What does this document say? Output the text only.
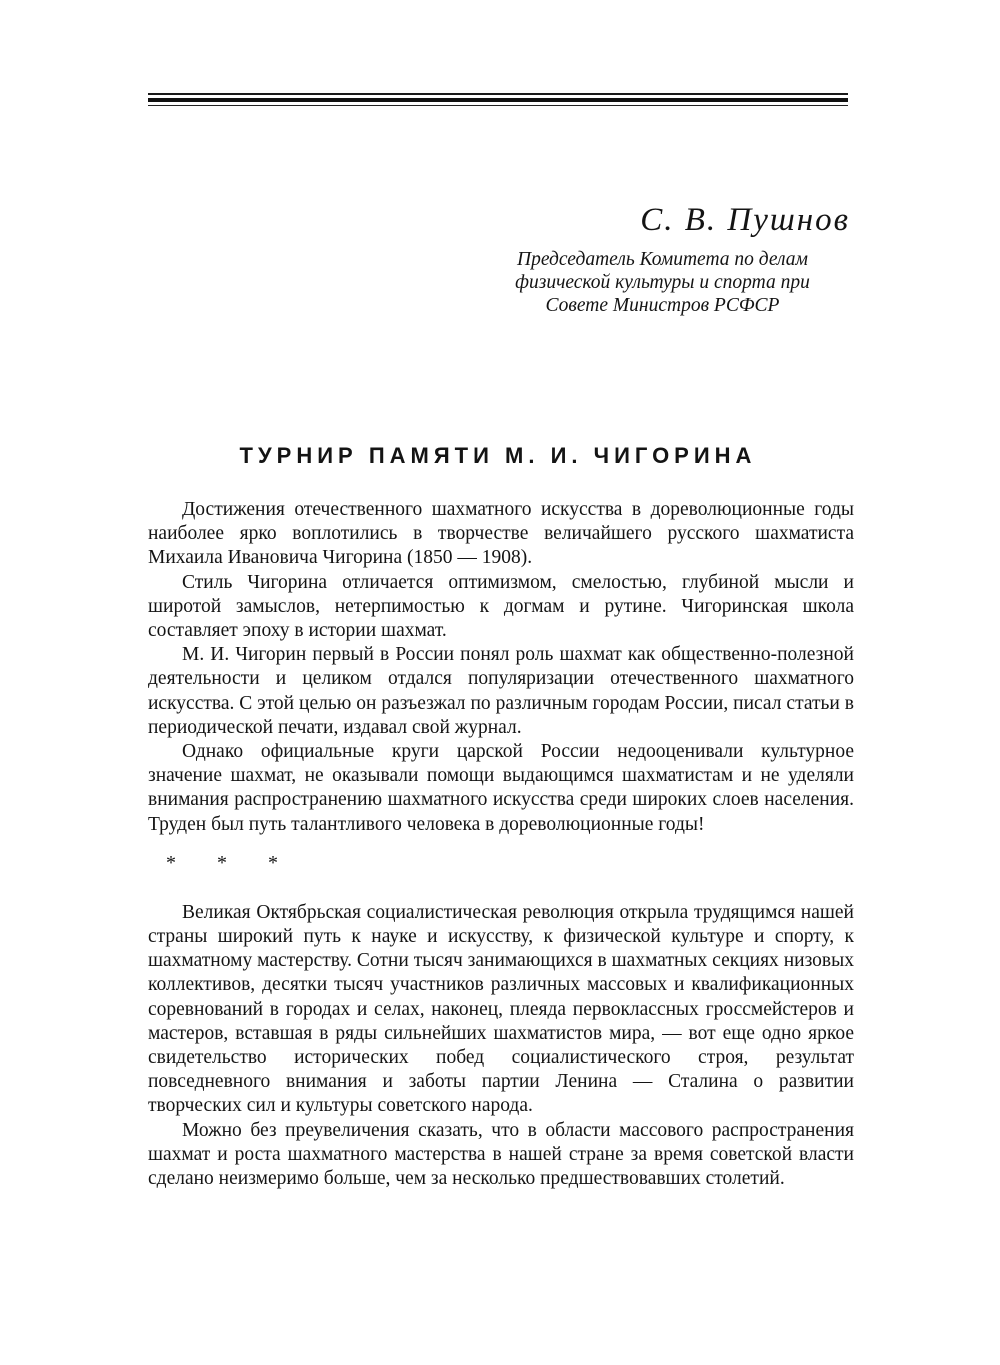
С. В. Пушнов

Председатель Комитета по делам

физической культуры и спорта при

Совете Министров РСФСР

ТУРНИР ПАМЯТИ М. И. ЧИГОРИНА

Достижения отечественного шахматного искусства в дореволюционные годы наиболее ярко воплотились в творчестве величайшего русского шахматиста Михаила Ивановича Чигорина (1850 — 1908).

Стиль Чигорина отличается оптимизмом, смелостью, глубиной мысли и широтой замыслов, нетерпимостью к догмам и рутине. Чигоринская школа составляет эпоху в истории шахмат.

М. И. Чигорин первый в России понял роль шахмат как общественно-полезной деятельности и целиком отдался популяризации отечественного шахматного искусства. С этой целью он разъезжал по различным городам России, писал статьи в периодической печати, издавал свой журнал.

Однако официальные круги царской России недооценивали культурное значение шахмат, не оказывали помощи выдающимся шахматистам и не уделяли внимания распространению шахматного искусства среди широких слоев населения. Труден был путь талантливого человека в дореволюционные годы!

* * *

Великая Октябрьская социалистическая революция открыла трудящимся нашей страны широкий путь к науке и искусству, к физической культуре и спорту, к шахматному мастерству. Сотни тысяч занимающихся в шахматных секциях низовых коллективов, десятки тысяч участников различных массовых и квалификационных соревнований в городах и селах, наконец, плеяда первоклассных гроссмейстеров и мастеров, вставшая в ряды сильнейших шахматистов мира, — вот еще одно яркое свидетельство исторических побед социалистического строя, результат повседневного внимания и заботы партии Ленина — Сталина о развитии творческих сил и культуры советского народа.

Можно без преувеличения сказать, что в области массового распространения шахмат и роста шахматного мастерства в нашей стране за время советской власти сделано неизмеримо больше, чем за несколько предшествовавших столетий.
